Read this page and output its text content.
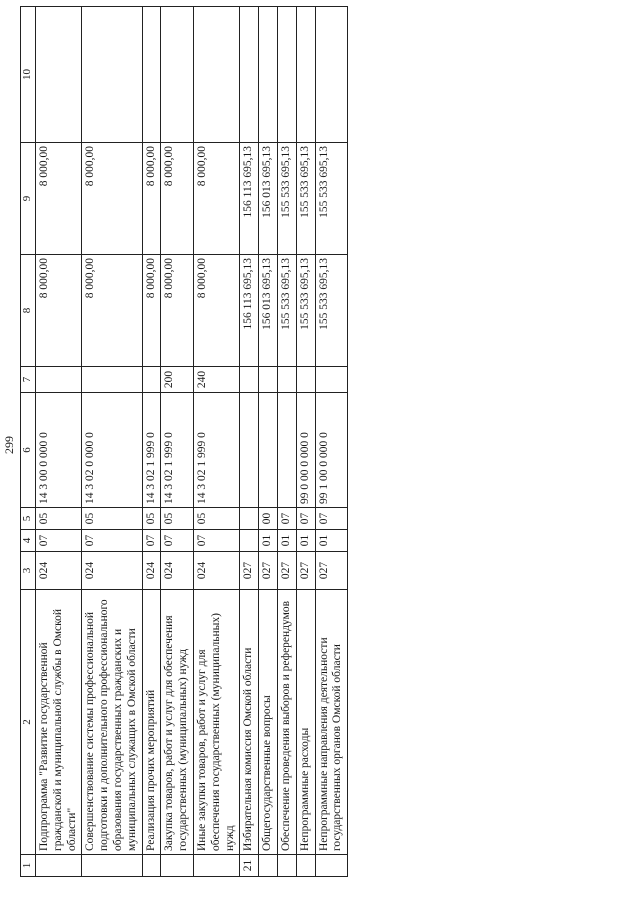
299
1	2	3	4	5	6	7	8	9	10
	Подпрограмма "Развитие государственной гражданской и муниципальной службы в Омской области"	024	07	05	14 3 00 0 000 0		8 000,00	8 000,00	
	Совершенствование системы профессиональной подготовки и дополнительного профессионального образования государственных гражданских и муниципальных служащих в Омской области	024	07	05	14 3 02 0 000 0		8 000,00	8 000,00	
	Реализация прочих мероприятий	024	07	05	14 3 02 1 999 0		8 000,00	8 000,00	
	Закупка товаров, работ и услуг для обеспечения государственных (муниципальных) нужд	024	07	05	14 3 02 1 999 0	200	8 000,00	8 000,00	
	Иные закупки товаров, работ и услуг для обеспечения государственных (муниципальных) нужд	024	07	05	14 3 02 1 999 0	240	8 000,00	8 000,00	
21	Избирательная комиссия Омской области	027					156 113 695,13	156 113 695,13	
	Общегосударственные вопросы	027	01	00			156 013 695,13	156 013 695,13	
	Обеспечение проведения выборов и референдумов	027	01	07			155 533 695,13	155 533 695,13	
	Непрограммные расходы	027	01	07	99 0 00 0 000 0		155 533 695,13	155 533 695,13	
	Непрограммные направления деятельности государственных органов Омской области	027	01	07	99 1 00 0 000 0		155 533 695,13	155 533 695,13	
